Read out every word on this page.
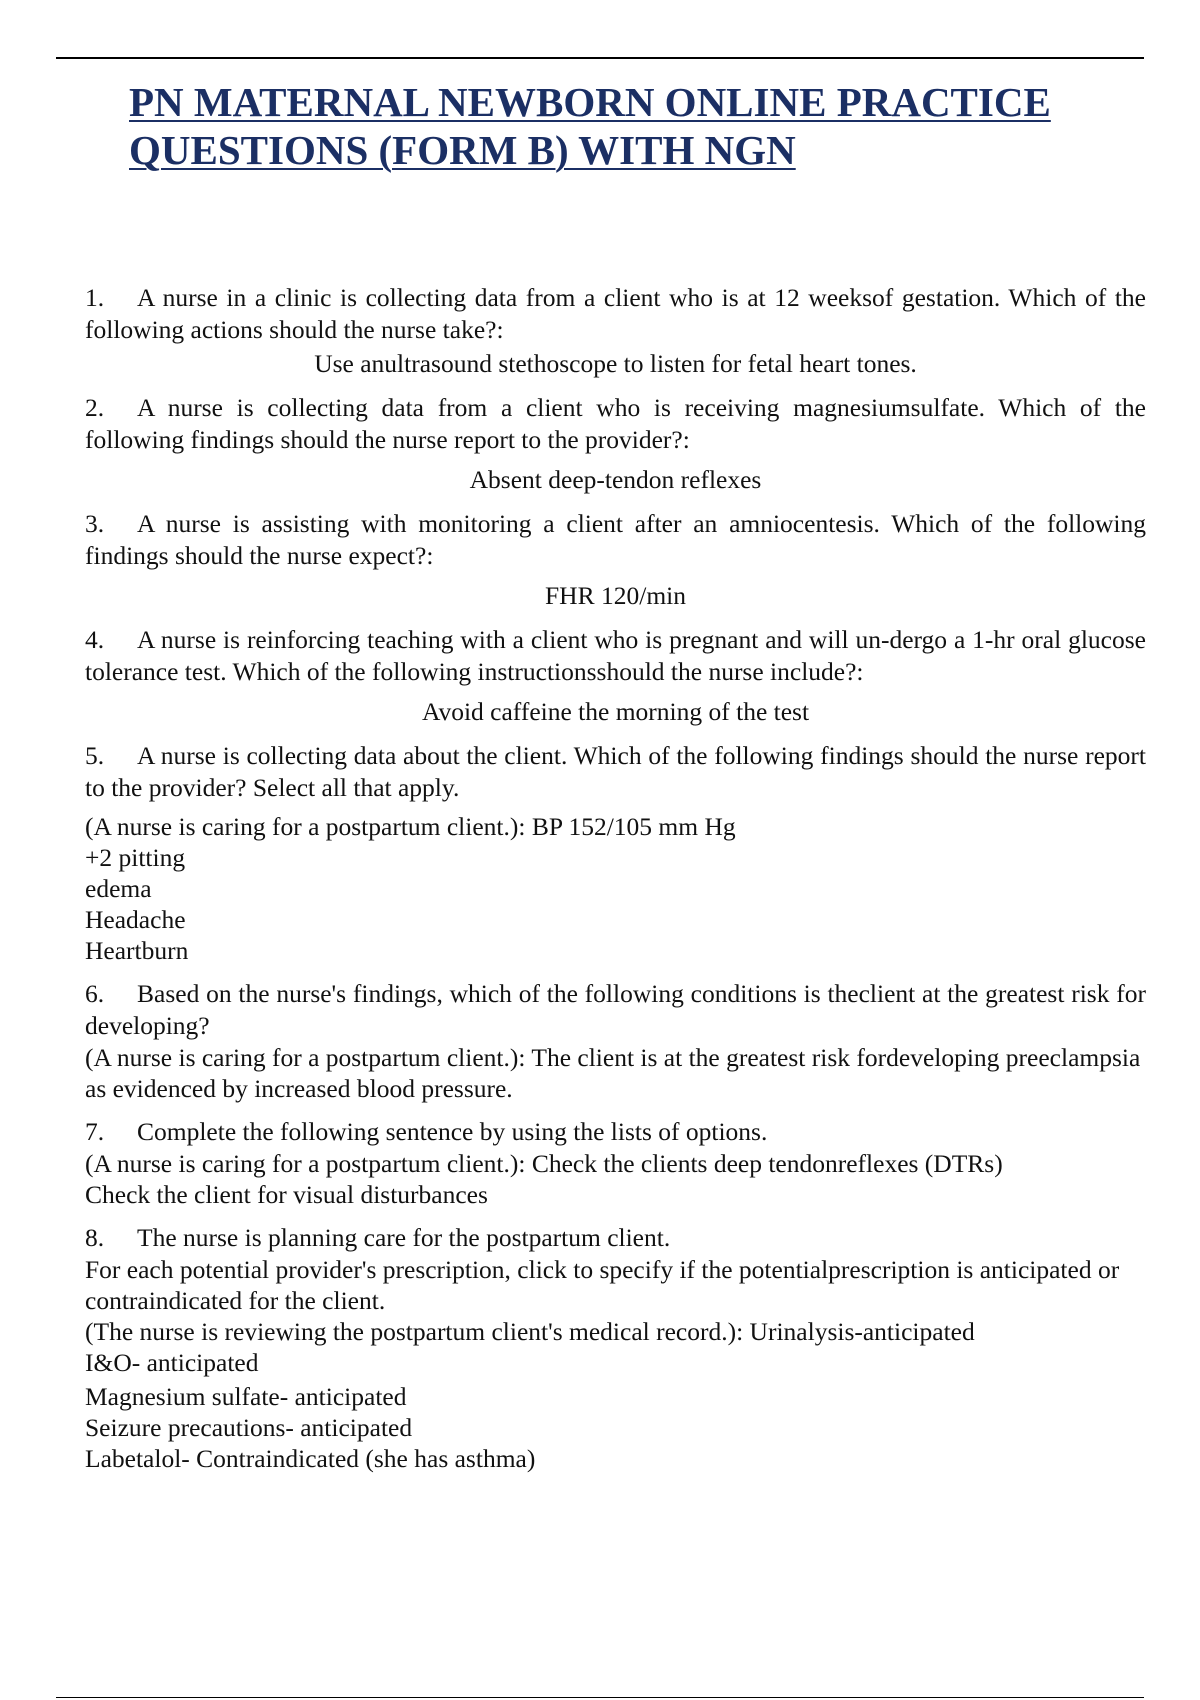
PN MATERNAL NEWBORN ONLINE PRACTICE
QUESTIONS (FORM B) WITH NGN
1. A nurse in a clinic is collecting data from a client who is at 12 weeksof gestation. Which of the following actions should the nurse take?:
Use anultrasound stethoscope to listen for fetal heart tones.
2. A nurse is collecting data from a client who is receiving magnesiumsulfate. Which of the following findings should the nurse report to the provider?:
Absent deep-tendon reflexes
3. A nurse is assisting with monitoring a client after an amniocentesis. Which of the following findings should the nurse expect?:
FHR 120/min
4. A nurse is reinforcing teaching with a client who is pregnant and will un-dergo a 1-hr oral glucose tolerance test. Which of the following instructionsshould the nurse include?:
Avoid caffeine the morning of the test
5. A nurse is collecting data about the client. Which of the following findings should the nurse report to the provider? Select all that apply.
(A nurse is caring for a postpartum client.): BP 152/105 mm Hg
+2 pitting
edema
Headache
Heartburn
6. Based on the nurse's findings, which of the following conditions is theclient at the greatest risk for developing?
(A nurse is caring for a postpartum client.): The client is at the greatest risk fordeveloping preeclampsia as evidenced by increased blood pressure.
7. Complete the following sentence by using the lists of options.
(A nurse is caring for a postpartum client.): Check the clients deep tendonreflexes (DTRs)
Check the client for visual disturbances
8. The nurse is planning care for the postpartum client.
For each potential provider's prescription, click to specify if the potentialprescription is anticipated or contraindicated for the client.
(The nurse is reviewing the postpartum client's medical record.): Urinalysis-anticipated
I&O- anticipated
Magnesium sulfate- anticipated
Seizure precautions- anticipated
Labetalol- Contraindicated (she has asthma)
